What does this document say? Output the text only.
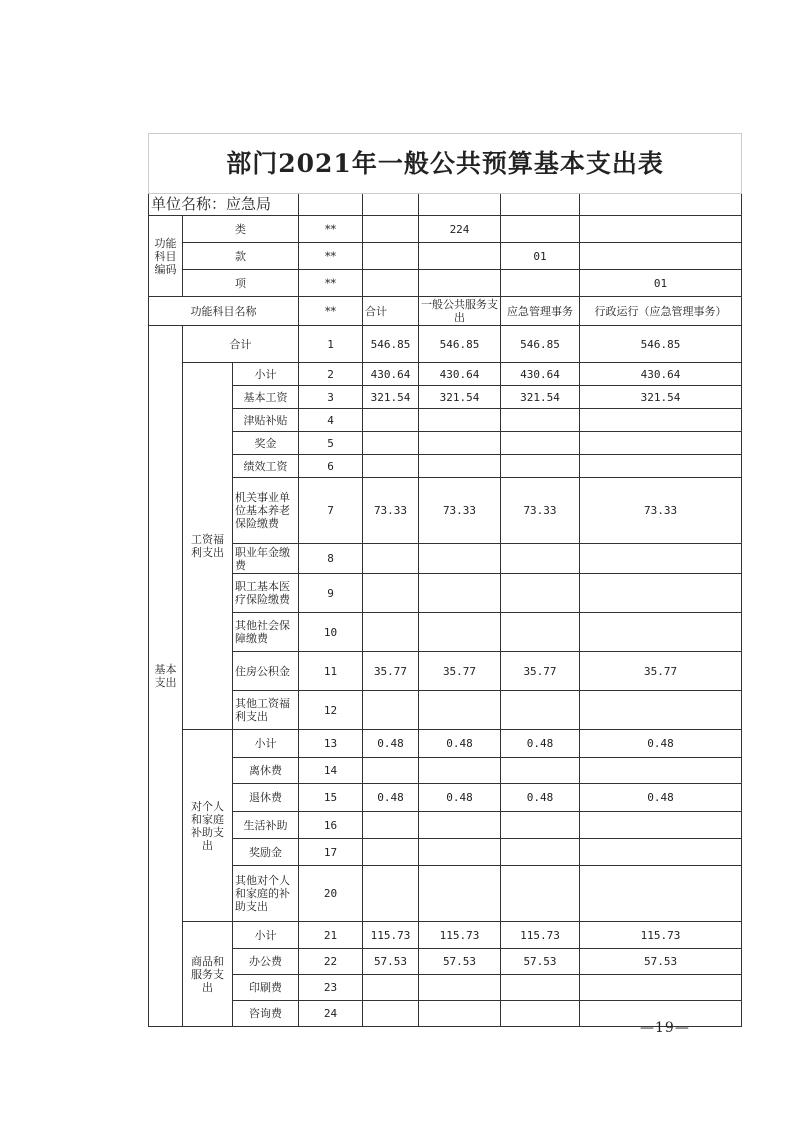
部门2021年一般公共预算基本支出表							
单位名称：应急局							
功能科目编码	类		**		224		
	款		**			01	
	项		**				01
功能科目名称			**	合计	一般公共服务支出	应急管理事务	行政运行（应急管理事务）
基本支出	合计		1	546.85	546.85	546.85	546.85
	工资福利支出	小计	2	430.64	430.64	430.64	430.64
		基本工资	3	321.54	321.54	321.54	321.54
		津贴补贴	4				
		奖金	5				
		绩效工资	6				
		机关事业单位基本养老保险缴费	7	73.33	73.33	73.33	73.33
		职业年金缴费	8				
		职工基本医疗保险缴费	9				
		其他社会保障缴费	10				
		住房公积金	11	35.77	35.77	35.77	35.77
		其他工资福利支出	12				
	对个人和家庭补助支出	小计	13	0.48	0.48	0.48	0.48
		离休费	14				
		退休费	15	0.48	0.48	0.48	0.48
		生活补助	16				
		奖励金	17				
		其他对个人和家庭的补助支出	20				
	商品和服务支出	小计	21	115.73	115.73	115.73	115.73
		办公费	22	57.53	57.53	57.53	57.53
		印刷费	23				
		咨询费	24				
—19—
